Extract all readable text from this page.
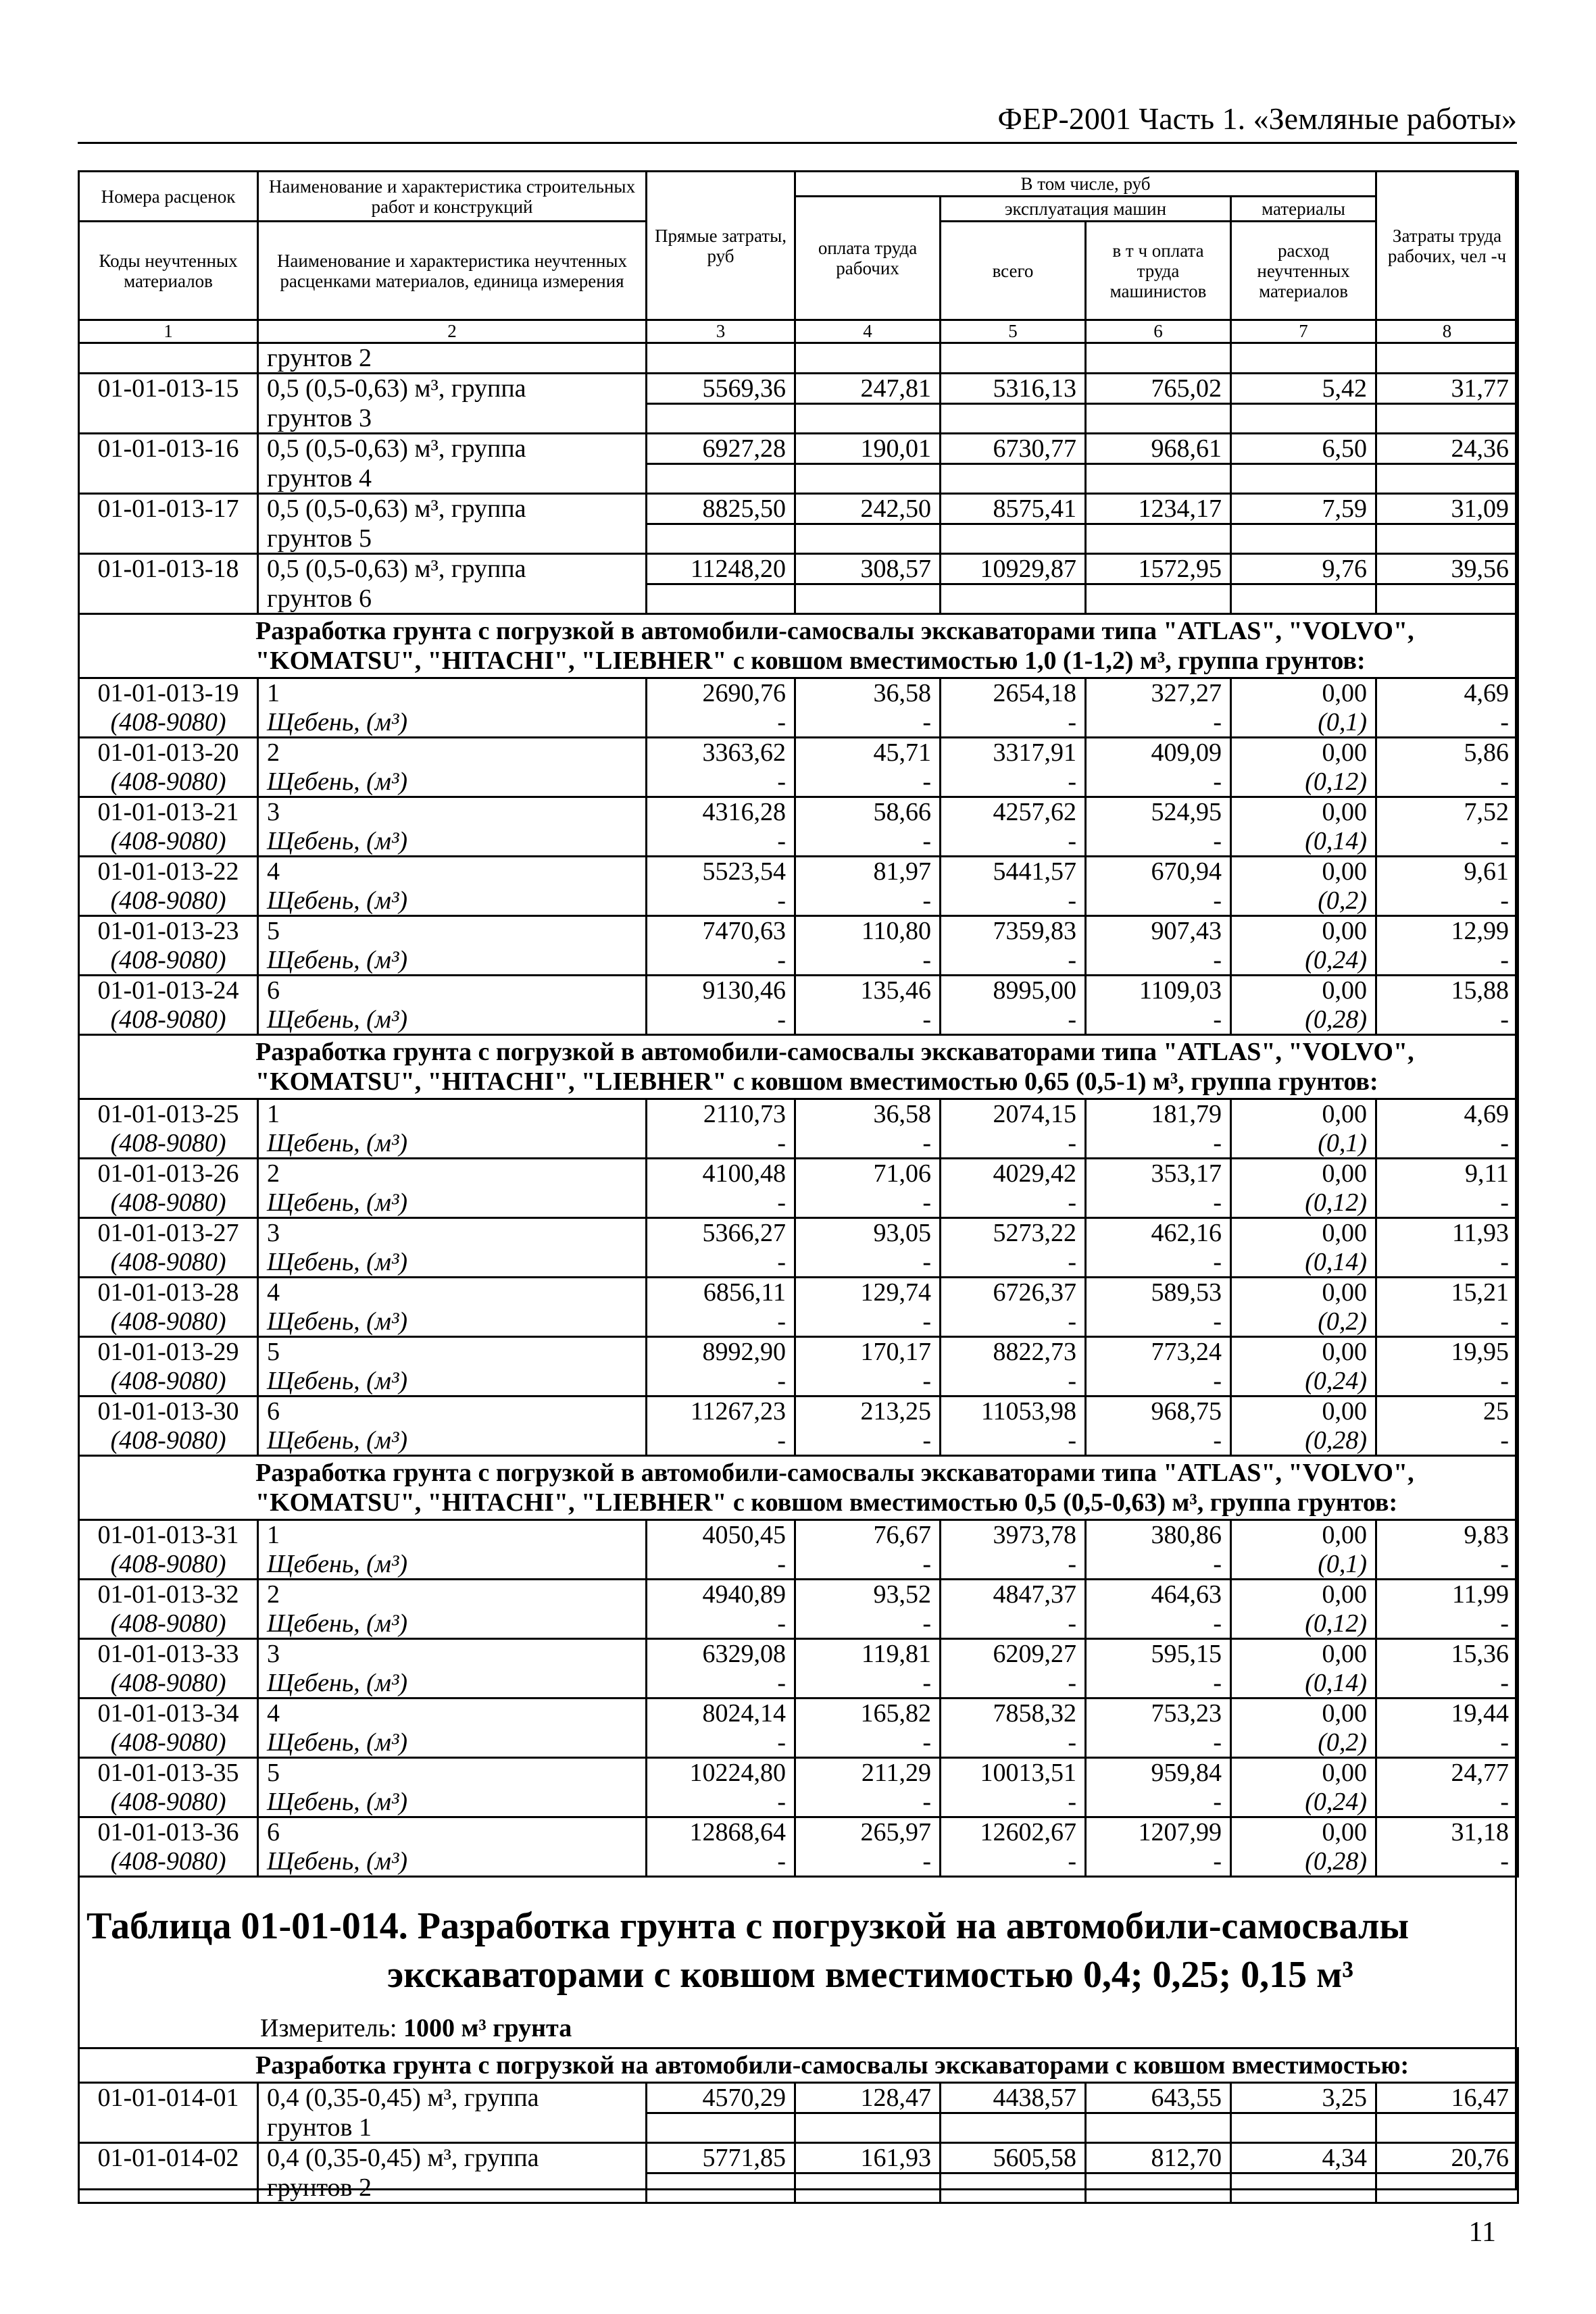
ФЕР-2001 Часть 1. «Земляные работы»
Номера расценок	Наименование и характеристика строительных работ и конструкций	Прямые затраты, руб	В том числе, руб				Затраты труда рабочих, чел -ч
			оплата труда рабочих	эксплуатация машин		материалы	
Коды неучтенных материалов	Наименование и характеристика неучтенных расценками материалов, единица измерения			всего	в т ч оплата труда машинистов	расход неучтенных материалов	

1	2	3	4	5	6	7	8
	грунтов 2						
01-01-013-15	0,5 (0,5-0,63) м³, группа	5569,36	247,81	5316,13	765,02	5,42	31,77
	грунтов 3						
01-01-013-16	0,5 (0,5-0,63) м³, группа	6927,28	190,01	6730,77	968,61	6,50	24,36
	грунтов 4						
01-01-013-17	0,5 (0,5-0,63) м³, группа	8825,50	242,50	8575,41	1234,17	7,59	31,09
	грунтов 5						
01-01-013-18	0,5 (0,5-0,63) м³, группа	11248,20	308,57	10929,87	1572,95	9,76	39,56
	грунтов 6						
Разработка грунта с погрузкой в автомобили-самосвалы экскаваторами типа "ATLAS", "VOLVO", "KOMATSU", "HITACHI", "LIEBHER" с ковшом вместимостью 1,0 (1-1,2) м³, группа грунтов:							
01-01-013-19	1	2690,76	36,58	2654,18	327,27	0,00	4,69
(408-9080)	Щебень, (м³)	-	-	-	-	(0,1)	-
01-01-013-20	2	3363,62	45,71	3317,91	409,09	0,00	5,86
(408-9080)	Щебень, (м³)	-	-	-	-	(0,12)	-
01-01-013-21	3	4316,28	58,66	4257,62	524,95	0,00	7,52
(408-9080)	Щебень, (м³)	-	-	-	-	(0,14)	-
01-01-013-22	4	5523,54	81,97	5441,57	670,94	0,00	9,61
(408-9080)	Щебень, (м³)	-	-	-	-	(0,2)	-
01-01-013-23	5	7470,63	110,80	7359,83	907,43	0,00	12,99
(408-9080)	Щебень, (м³)	-	-	-	-	(0,24)	-
01-01-013-24	6	9130,46	135,46	8995,00	1109,03	0,00	15,88
(408-9080)	Щебень, (м³)	-	-	-	-	(0,28)	-
Разработка грунта с погрузкой в автомобили-самосвалы экскаваторами типа "ATLAS", "VOLVO", "KOMATSU", "HITACHI", "LIEBHER" с ковшом вместимостью 0,65 (0,5-1) м³, группа грунтов:							
01-01-013-25	1	2110,73	36,58	2074,15	181,79	0,00	4,69
(408-9080)	Щебень, (м³)	-	-	-	-	(0,1)	-
01-01-013-26	2	4100,48	71,06	4029,42	353,17	0,00	9,11
(408-9080)	Щебень, (м³)	-	-	-	-	(0,12)	-
01-01-013-27	3	5366,27	93,05	5273,22	462,16	0,00	11,93
(408-9080)	Щебень, (м³)	-	-	-	-	(0,14)	-
01-01-013-28	4	6856,11	129,74	6726,37	589,53	0,00	15,21
(408-9080)	Щебень, (м³)	-	-	-	-	(0,2)	-
01-01-013-29	5	8992,90	170,17	8822,73	773,24	0,00	19,95
(408-9080)	Щебень, (м³)	-	-	-	-	(0,24)	-
01-01-013-30	6	11267,23	213,25	11053,98	968,75	0,00	25
(408-9080)	Щебень, (м³)	-	-	-	-	(0,28)	-
Разработка грунта с погрузкой в автомобили-самосвалы экскаваторами типа "ATLAS", "VOLVO", "KOMATSU", "HITACHI", "LIEBHER" с ковшом вместимостью 0,5 (0,5-0,63) м³, группа грунтов:							
01-01-013-31	1	4050,45	76,67	3973,78	380,86	0,00	9,83
(408-9080)	Щебень, (м³)	-	-	-	-	(0,1)	-
01-01-013-32	2	4940,89	93,52	4847,37	464,63	0,00	11,99
(408-9080)	Щебень, (м³)	-	-	-	-	(0,12)	-
01-01-013-33	3	6329,08	119,81	6209,27	595,15	0,00	15,36
(408-9080)	Щебень, (м³)	-	-	-	-	(0,14)	-
01-01-013-34	4	8024,14	165,82	7858,32	753,23	0,00	19,44
(408-9080)	Щебень, (м³)	-	-	-	-	(0,2)	-
01-01-013-35	5	10224,80	211,29	10013,51	959,84	0,00	24,77
(408-9080)	Щебень, (м³)	-	-	-	-	(0,24)	-
01-01-013-36	6	12868,64	265,97	12602,67	1207,99	0,00	31,18
(408-9080)	Щебень, (м³)	-	-	-	-	(0,28)	-
Таблица 01-01-014. Разработка грунта с погрузкой на автомобили-самосвалы
экскаваторами с ковшом вместимостью 0,4; 0,25; 0,15 м³
Измеритель: 1000 м³ грунта
Разработка грунта с погрузкой на автомобили-самосвалы экскаваторами с ковшом вместимостью:							
01-01-014-01	0,4 (0,35-0,45) м³, группа	4570,29	128,47	4438,57	643,55	3,25	16,47
	грунтов 1						
01-01-014-02	0,4 (0,35-0,45) м³, группа	5771,85	161,93	5605,58	812,70	4,34	20,76
	грунтов 2						
11
